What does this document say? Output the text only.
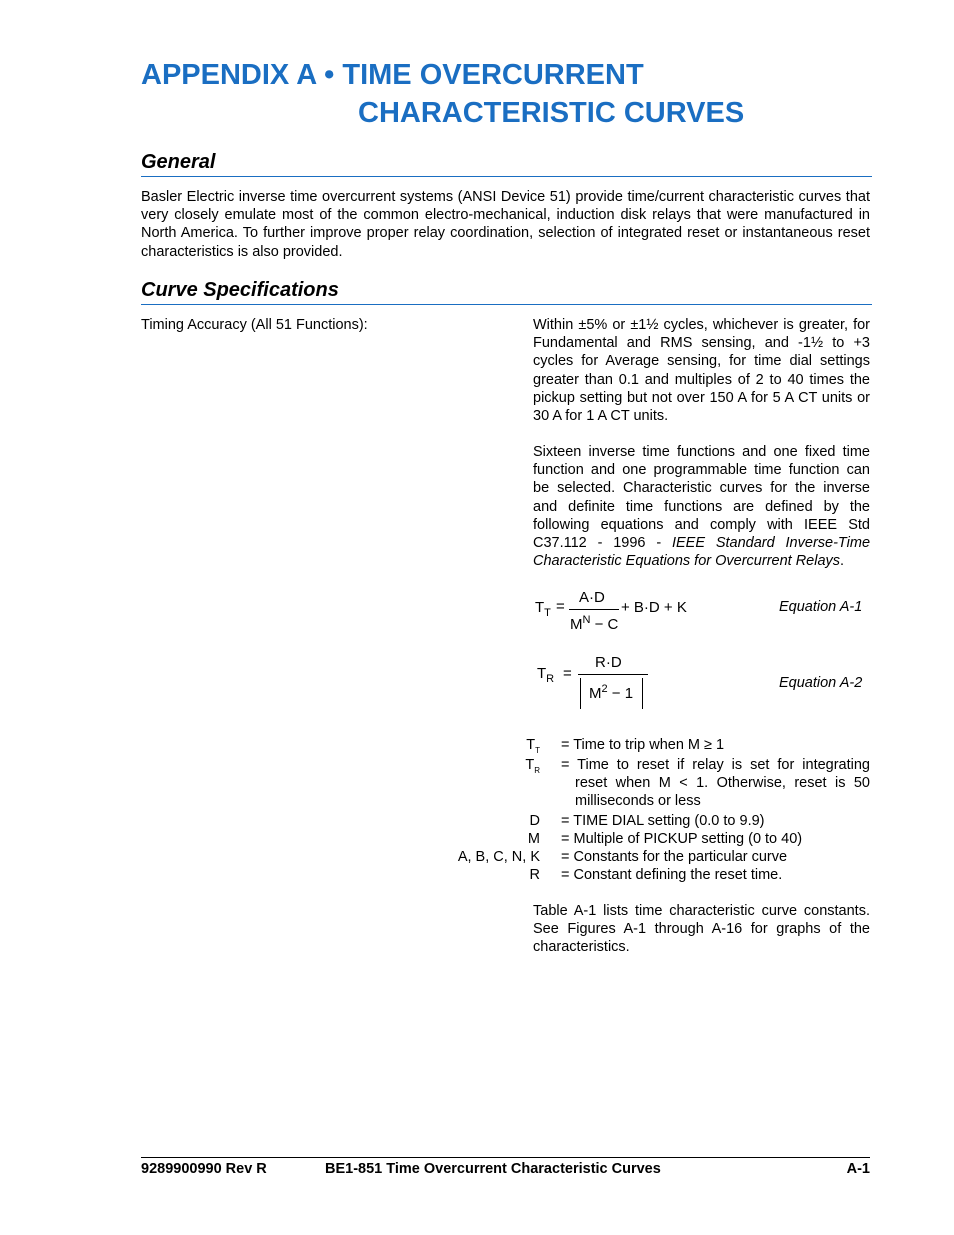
APPENDIX A • TIME OVERCURRENT
CHARACTERISTIC CURVES
General
Basler Electric inverse time overcurrent systems (ANSI Device 51) provide time/current characteristic curves that very closely emulate most of the common electro-mechanical, induction disk relays that were manufactured in North America. To further improve proper relay coordination, selection of integrated reset or instantaneous reset characteristics is also provided.
Curve Specifications
Timing Accuracy (All 51 Functions):	Within ±5% or ±1½ cycles, whichever is greater, for Fundamental and RMS sensing, and -1½ to +3 cycles for Average sensing, for time dial settings greater than 0.1 and multiples of 2 to 40 times the pickup setting but not over 150 A for 5 A CT units or 30 A for 1 A CT units.
Sixteen inverse time functions and one fixed time function and one programmable time function can be selected. Characteristic curves for the inverse and definite time functions are defined by the following equations and comply with IEEE Std C37.112 - 1996 - IEEE Standard Inverse-Time Characteristic Equations for Overcurrent Relays.
$T_T$ =
A·D
$M^N - C$
+ B·D + K	Equation A-1
$T_R$ =
R·D
$M^2 - 1$
Equation A-2
$T_T$ = Time to trip when M ≥ 1
$T_R$ = Time to reset if relay is set for integrating reset when M < 1. Otherwise, reset is 50 milliseconds or less
D = TIME DIAL setting (0.0 to 9.9)
M = Multiple of PICKUP setting (0 to 40)
A, B, C, N, K = Constants for the particular curve
R = Constant defining the reset time.
Table A-1 lists time characteristic curve constants. See Figures A-1 through A-16 for graphs of the characteristics.
9289900990 Rev R	BE1-851 Time Overcurrent Characteristic Curves	A-1
